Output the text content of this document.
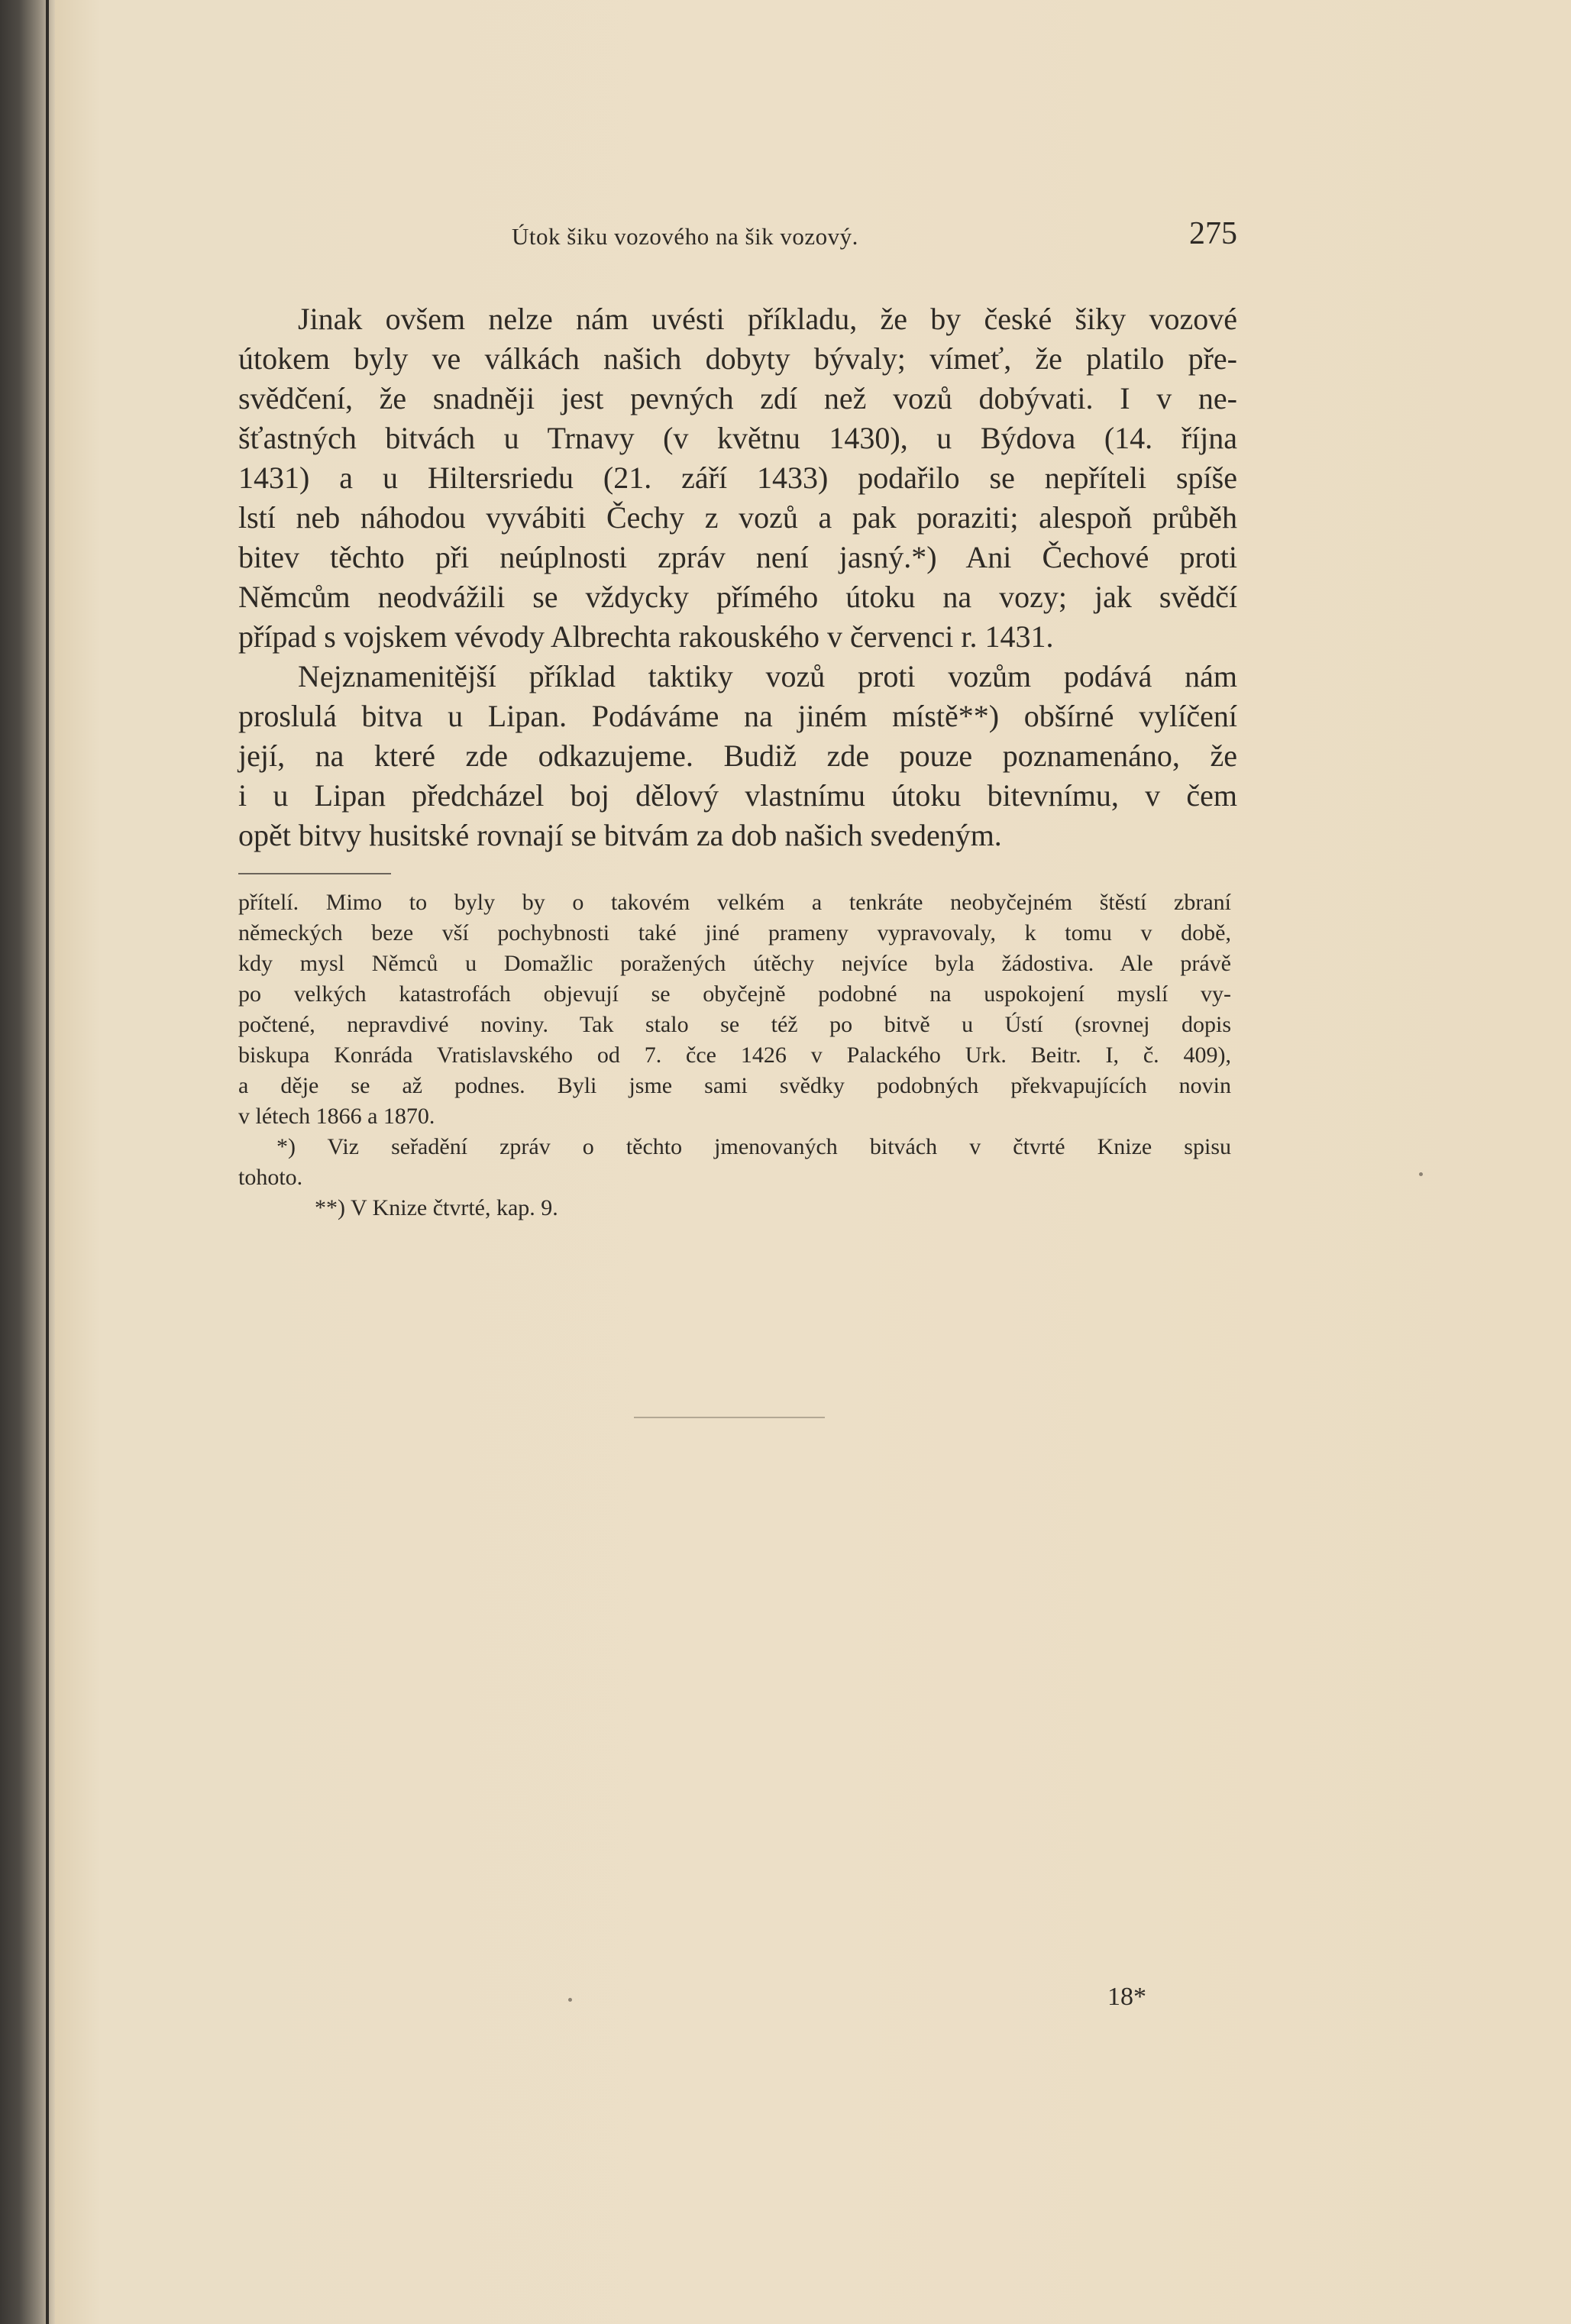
Útok šiku vozového na šik vozový.	275
Jinak ovšem nelze nám uvésti příkladu, že by české šiky vozové
útokem byly ve válkách našich dobyty bývaly; vímeť, že platilo pře-
svědčení, že snadněji jest pevných zdí než vozů dobývati. I v ne-
šťastných bitvách u Trnavy (v květnu 1430), u Býdova (14. října
1431) a u Hiltersriedu (21. září 1433) podařilo se nepříteli spíše
lstí neb náhodou vyvábiti Čechy z vozů a pak poraziti; alespoň průběh
bitev těchto při neúplnosti zpráv není jasný.*) Ani Čechové proti
Němcům neodvážili se vždycky přímého útoku na vozy; jak svědčí
případ s vojskem vévody Albrechta rakouského v červenci r. 1431.
Nejznamenitější příklad taktiky vozů proti vozům podává nám
proslulá bitva u Lipan. Podáváme na jiném místě**) obšírné vylíčení
její, na které zde odkazujeme. Budiž zde pouze poznamenáno, že
i u Lipan předcházel boj dělový vlastnímu útoku bitevnímu, v čem
opět bitvy husitské rovnají se bitvám za dob našich svedeným.
přítelí. Mimo to byly by o takovém velkém a tenkráte neobyčejném štěstí zbraní
německých beze vší pochybnosti také jiné prameny vypravovaly, k tomu v době,
kdy mysl Němců u Domažlic poražených útěchy nejvíce byla žádostiva. Ale právě
po velkých katastrofách objevují se obyčejně podobné na uspokojení myslí vy-
počtené, nepravdivé noviny. Tak stalo se též po bitvě u Ústí (srovnej dopis
biskupa Konráda Vratislavského od 7. čce 1426 v Palackého Urk. Beitr. I, č. 409),
a děje se až podnes. Byli jsme sami svědky podobných překvapujících novin
v létech 1866 a 1870.
*) Viz seřadění zpráv o těchto jmenovaných bitvách v čtvrté Knize spisu
tohoto.
**) V Knize čtvrté, kap. 9.
18*
